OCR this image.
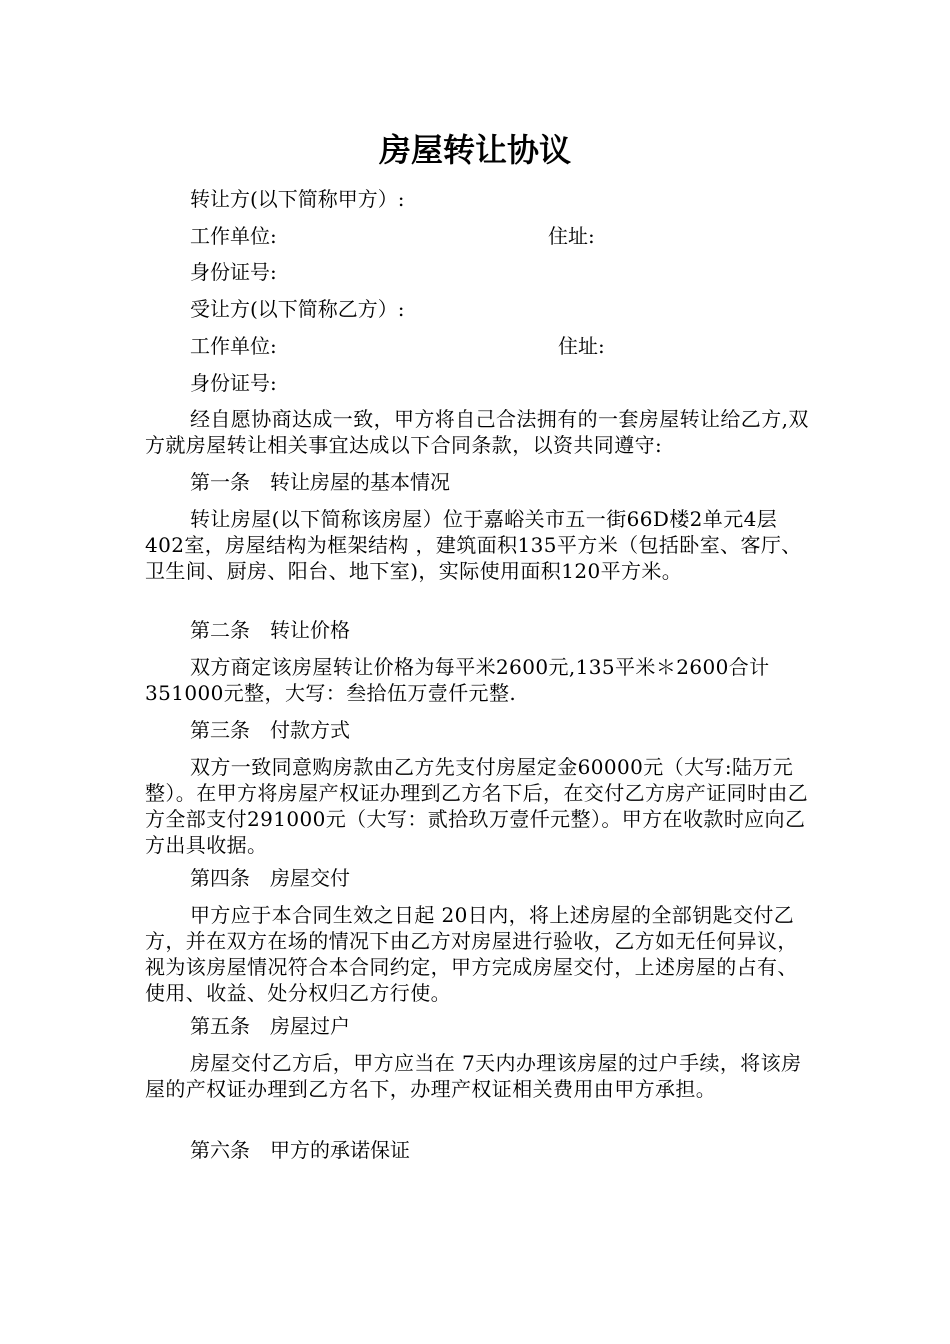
房屋转让协议

转让方(以下简称甲方）:

工作单位:	住址:

身份证号:

受让方(以下简称乙方）:

工作单位:	住址:

身份证号:

经自愿协商达成一致，甲方将自己合法拥有的一套房屋转让给乙方,双方就房屋转让相关事宜达成以下合同条款，以资共同遵守:

第一条　转让房屋的基本情况

转让房屋(以下简称该房屋）位于嘉峪关市五一街66D楼2单元4层402室，房屋结构为框架结构 ，建筑面积135平方米（包括卧室、客厅、卫生间、厨房、阳台、地下室)，实际使用面积120平方米。

第二条　转让价格

双方商定该房屋转让价格为每平米2600元,135平米＊2600合计 351000元整，大写：叁拾伍万壹仟元整.

第三条　付款方式

双方一致同意购房款由乙方先支付房屋定金60000元（大写:陆万元整）。在甲方将房屋产权证办理到乙方名下后，在交付乙方房产证同时由乙方全部支付291000元（大写：贰拾玖万壹仟元整）。甲方在收款时应向乙方出具收据。

第四条　房屋交付

甲方应于本合同生效之日起 20日内，将上述房屋的全部钥匙交付乙方，并在双方在场的情况下由乙方对房屋进行验收，乙方如无任何异议，视为该房屋情况符合本合同约定，甲方完成房屋交付，上述房屋的占有、使用、收益、处分权归乙方行使。

第五条　房屋过户

房屋交付乙方后，甲方应当在 7天内办理该房屋的过户手续，将该房屋的产权证办理到乙方名下，办理产权证相关费用由甲方承担。

第六条　甲方的承诺保证
